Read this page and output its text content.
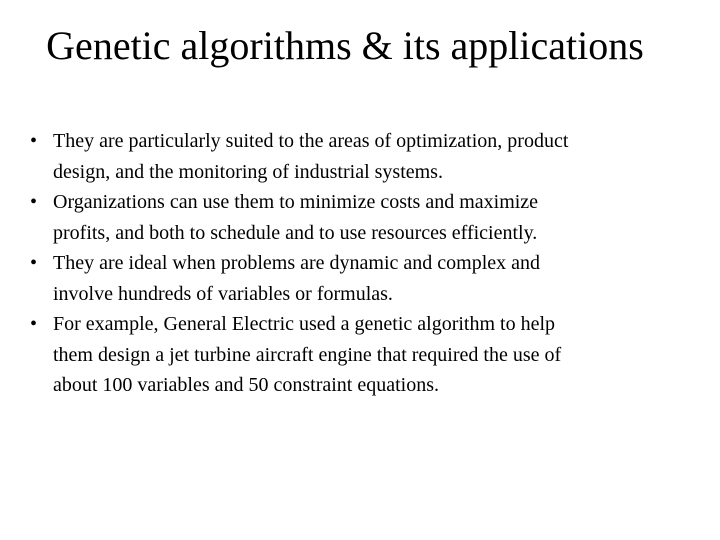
Genetic algorithms & its applications
• They are particularly suited to the areas of optimization, product
design, and the monitoring of industrial systems.
• Organizations can use them to minimize costs and maximize
profits, and both to schedule and to use resources efficiently.
• They are ideal when problems are dynamic and complex and
involve hundreds of variables or formulas.
• For example, General Electric used a genetic algorithm to help
them design a jet turbine aircraft engine that required the use of
about 100 variables and 50 constraint equations.
